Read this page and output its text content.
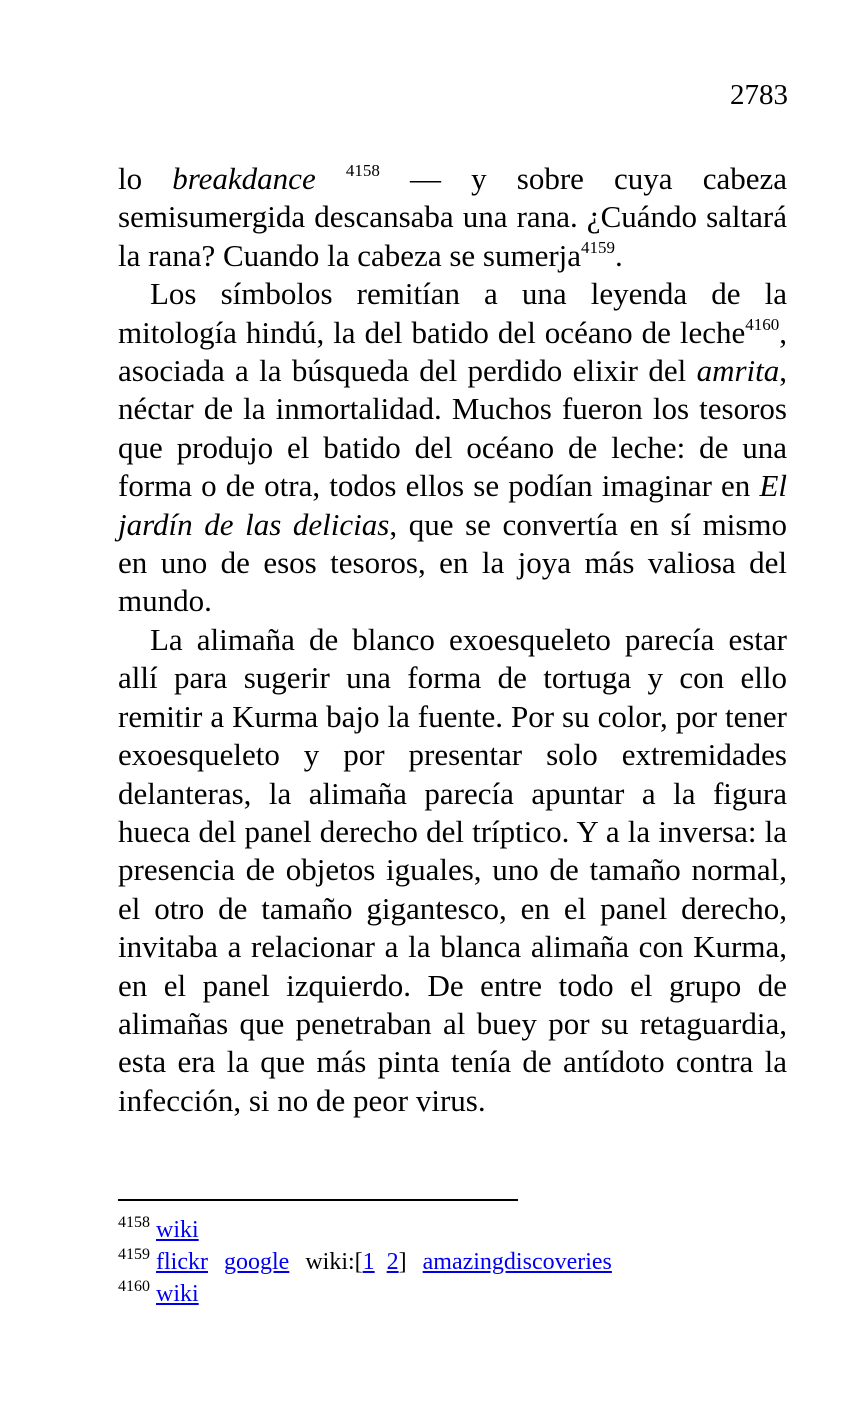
2783

lo breakdance $^{4158}$ — y sobre cuya cabeza semisumergida descansaba una rana. ¿Cuándo saltará la rana? Cuando la cabeza se sumerja$^{4159}$.

Los símbolos remitían a una leyenda de la mitología hindú, la del batido del océano de leche$^{4160}$, asociada a la búsqueda del perdido elixir del amrita, néctar de la inmortalidad. Muchos fueron los tesoros que produjo el batido del océano de leche: de una forma o de otra, todos ellos se podían imaginar en El jardín de las delicias, que se convertía en sí mismo en uno de esos tesoros, en la joya más valiosa del mundo.

La alimaña de blanco exoesqueleto parecía estar allí para sugerir una forma de tortuga y con ello remitir a Kurma bajo la fuente. Por su color, por tener exoesqueleto y por presentar solo extremidades delanteras, la alimaña parecía apuntar a la figura hueca del panel derecho del tríptico. Y a la inversa: la presencia de objetos iguales, uno de tamaño normal, el otro de tamaño gigantesco, en el panel derecho, invitaba a relacionar a la blanca alimaña con Kurma, en el panel izquierdo. De entre todo el grupo de alimañas que penetraban al buey por su retaguardia, esta era la que más pinta tenía de antídoto contra la infección, si no de peor virus.

$^{4158}$ wiki
$^{4159}$ flickr google wiki:[1 2] amazingdiscoveries
$^{4160}$ wiki
